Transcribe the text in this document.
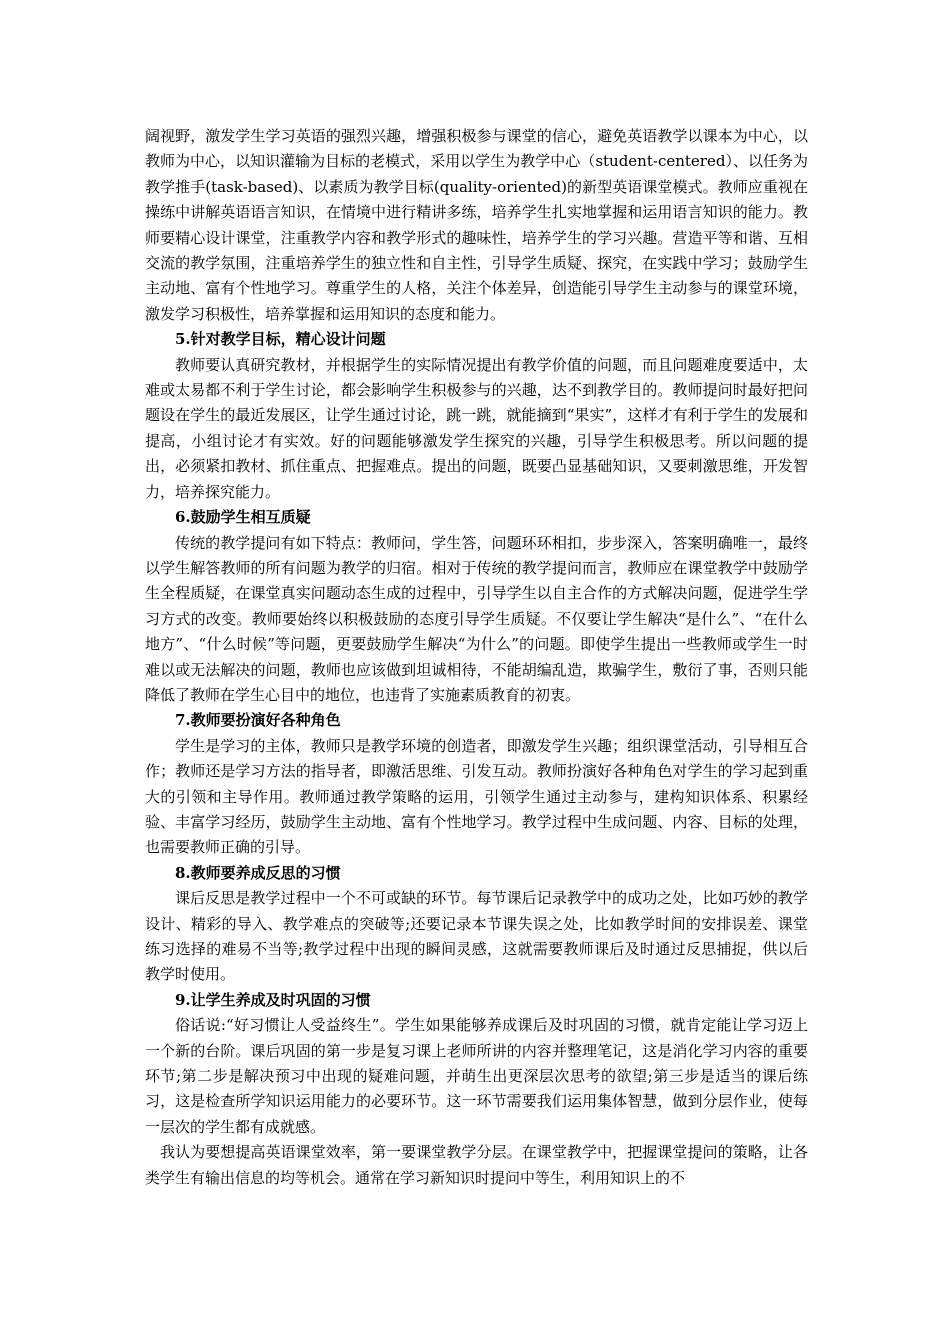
阔视野，激发学生学习英语的强烈兴趣，增强积极参与课堂的信心，避免英语教学以课本为中心，以教师为中心，以知识灌输为目标的老模式，采用以学生为教学中心（student-centered）、以任务为教学推手(task-based)、以素质为教学目标(quality-oriented)的新型英语课堂模式。教师应重视在操练中讲解英语语言知识，在情境中进行精讲多练，培养学生扎实地掌握和运用语言知识的能力。教师要精心设计课堂，注重教学内容和教学形式的趣味性，培养学生的学习兴趣。营造平等和谐、互相交流的教学氛围，注重培养学生的独立性和自主性，引导学生质疑、探究，在实践中学习；鼓励学生主动地、富有个性地学习。尊重学生的人格，关注个体差异，创造能引导学生主动参与的课堂环境，激发学习积极性，培养掌握和运用知识的态度和能力。

5.针对教学目标，精心设计问题

教师要认真研究教材，并根据学生的实际情况提出有教学价值的问题，而且问题难度要适中，太难或太易都不利于学生讨论，都会影响学生积极参与的兴趣，达不到教学目的。教师提问时最好把问题设在学生的最近发展区，让学生通过讨论，跳一跳，就能摘到“果实”，这样才有利于学生的发展和提高，小组讨论才有实效。好的问题能够激发学生探究的兴趣，引导学生积极思考。所以问题的提出，必须紧扣教材、抓住重点、把握难点。提出的问题，既要凸显基础知识，又要刺激思维，开发智力，培养探究能力。

6.鼓励学生相互质疑

传统的教学提问有如下特点：教师问，学生答，问题环环相扣，步步深入，答案明确唯一，最终以学生解答教师的所有问题为教学的归宿。相对于传统的教学提问而言，教师应在课堂教学中鼓励学生全程质疑，在课堂真实问题动态生成的过程中，引导学生以自主合作的方式解决问题，促进学生学习方式的改变。教师要始终以积极鼓励的态度引导学生质疑。不仅要让学生解决“是什么”、“在什么地方”、“什么时候”等问题，更要鼓励学生解决“为什么”的问题。即使学生提出一些教师或学生一时难以或无法解决的问题，教师也应该做到坦诚相待，不能胡编乱造，欺骗学生，敷衍了事，否则只能降低了教师在学生心目中的地位，也违背了实施素质教育的初衷。

7.教师要扮演好各种角色

学生是学习的主体，教师只是教学环境的创造者，即激发学生兴趣；组织课堂活动，引导相互合作；教师还是学习方法的指导者，即激活思维、引发互动。教师扮演好各种角色对学生的学习起到重大的引领和主导作用。教师通过教学策略的运用，引领学生通过主动参与，建构知识体系、积累经验、丰富学习经历，鼓励学生主动地、富有个性地学习。教学过程中生成问题、内容、目标的处理，也需要教师正确的引导。

8.教师要养成反思的习惯

课后反思是教学过程中一个不可或缺的环节。每节课后记录教学中的成功之处，比如巧妙的教学设计、精彩的导入、教学难点的突破等;还要记录本节课失误之处，比如教学时间的安排误差、课堂练习选择的难易不当等;教学过程中出现的瞬间灵感，这就需要教师课后及时通过反思捕捉，供以后教学时使用。

9.让学生养成及时巩固的习惯

俗话说:“好习惯让人受益终生”。学生如果能够养成课后及时巩固的习惯，就肯定能让学习迈上一个新的台阶。课后巩固的第一步是复习课上老师所讲的内容并整理笔记，这是消化学习内容的重要环节;第二步是解决预习中出现的疑难问题，并萌生出更深层次思考的欲望;第三步是适当的课后练习，这是检查所学知识运用能力的必要环节。这一环节需要我们运用集体智慧，做到分层作业，使每一层次的学生都有成就感。

我认为要想提高英语课堂效率，第一要课堂教学分层。在课堂教学中，把握课堂提问的策略，让各类学生有输出信息的均等机会。通常在学习新知识时提问中等生，利用知识上的不
